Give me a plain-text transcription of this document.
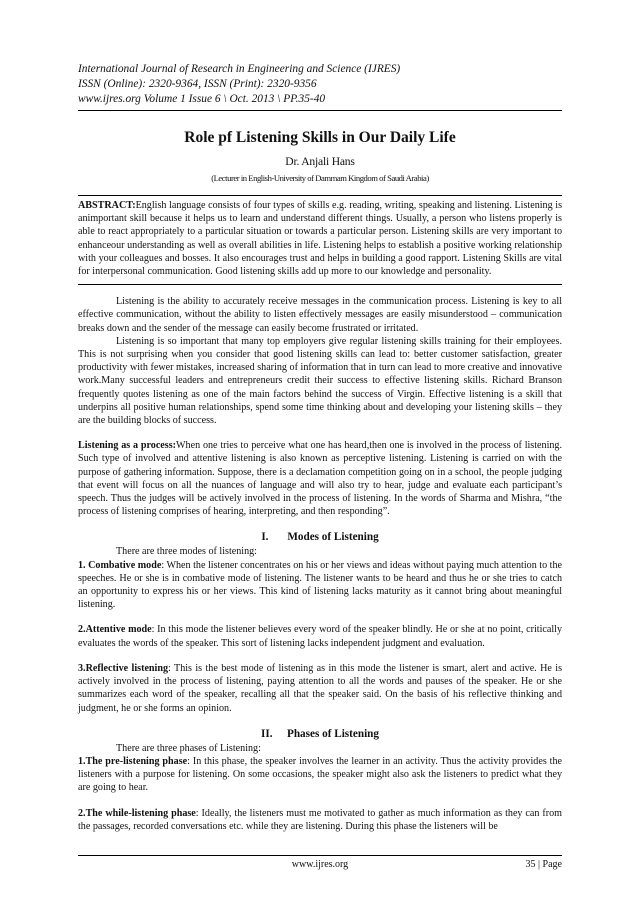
International Journal of Research in Engineering and Science (IJRES)

ISSN (Online): 2320-9364, ISSN (Print): 2320-9356

www.ijres.org Volume 1 Issue 6 \ Oct. 2013 \ PP.35-40

Role pf Listening Skills in Our Daily Life
Dr. Anjali Hans
(Lecturer in English-University of Dammam Kingdom of Saudi Arabia)

ABSTRACT:English language consists of four types of skills e.g. reading, writing, speaking and listening. Listening is animportant skill because it helps us to learn and understand different things. Usually, a person who listens properly is able to react appropriately to a particular situation or towards a particular person. Listening skills are very important to enhanceour understanding as well as overall abilities in life. Listening helps to establish a positive working relationship with your colleagues and bosses. It also encourages trust and helps in building a good rapport. Listening Skills are vital for interpersonal communication. Good listening skills add up more to our knowledge and personality.

Listening is the ability to accurately receive messages in the communication process. Listening is key to all effective communication, without the ability to listen effectively messages are easily misunderstood – communication breaks down and the sender of the message can easily become frustrated or irritated.

Listening is so important that many top employers give regular listening skills training for their employees. This is not surprising when you consider that good listening skills can lead to: better customer satisfaction, greater productivity with fewer mistakes, increased sharing of information that in turn can lead to more creative and innovative work.Many successful leaders and entrepreneurs credit their success to effective listening skills. Richard Branson frequently quotes listening as one of the main factors behind the success of Virgin. Effective listening is a skill that underpins all positive human relationships, spend some time thinking about and developing your listening skills – they are the building blocks of success.

Listening as a process:When one tries to perceive what one has heard,then one is involved in the process of listening. Such type of involved and attentive listening is also known as perceptive listening. Listening is carried on with the purpose of gathering information. Suppose, there is a declamation competition going on in a school, the people judging that event will focus on all the nuances of language and will also try to hear, judge and evaluate each participant’s speech. Thus the judges will be actively involved in the process of listening. In the words of Sharma and Mishra, “the process of listening comprises of hearing, interpreting, and then responding”.

I. Modes of Listening

There are three modes of listening:

1. Combative mode: When the listener concentrates on his or her views and ideas without paying much attention to the speeches. He or she is in combative mode of listening. The listener wants to be heard and thus he or she tries to catch an opportunity to express his or her views. This kind of listening lacks maturity as it cannot bring about meaningful listening.

2.Attentive mode: In this mode the listener believes every word of the speaker blindly. He or she at no point, critically evaluates the words of the speaker. This sort of listening lacks independent judgment and evaluation.

3.Reflective listening: This is the best mode of listening as in this mode the listener is smart, alert and active. He is actively involved in the process of listening, paying attention to all the words and pauses of the speaker. He or she summarizes each word of the speaker, recalling all that the speaker said. On the basis of his reflective thinking and judgment, he or she forms an opinion.

II. Phases of Listening

There are three phases of Listening:

1.The pre-listening phase: In this phase, the speaker involves the learner in an activity. Thus the activity provides the listeners with a purpose for listening. On some occasions, the speaker might also ask the listeners to predict what they are going to hear.

2.The while-listening phase: Ideally, the listeners must me motivated to gather as much information as they can from the passages, recorded conversations etc. while they are listening. During this phase the listeners will be

www.ijres.org	35 | Page
